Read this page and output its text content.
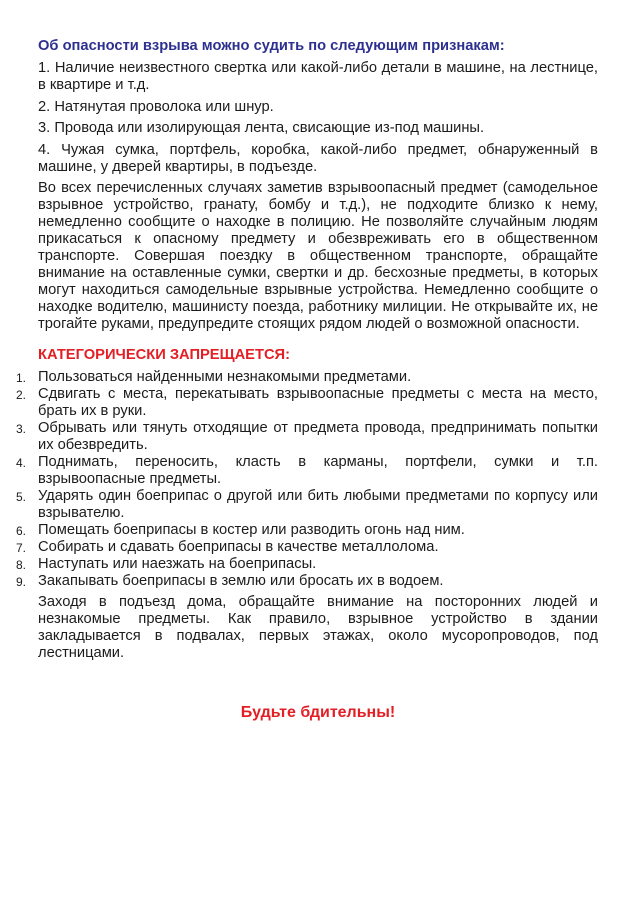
Об опасности взрыва можно судить по следующим признакам:

1. Наличие неизвестного свертка или какой-либо детали в машине, на лестнице, в квартире и т.д.

2. Натянутая проволока или шнур.

3. Провода или изолирующая лента, свисающие из-под машины.

4. Чужая сумка, портфель, коробка, какой-либо предмет, обнаруженный в машине, у дверей квартиры, в подъезде.

Во всех перечисленных случаях заметив взрывоопасный предмет (самодельное взрывное устройство, гранату, бомбу и т.д.), не подходите близко к нему, немедленно сообщите о находке в полицию. Не позволяйте случайным людям прикасаться к опасному предмету и обезвреживать его в общественном транспорте. Совершая поездку в общественном транспорте, обращайте внимание на оставленные сумки, свертки и др. бесхозные предметы, в которых могут находиться самодельные взрывные устройства. Немедленно сообщите о находке водителю, машинисту поезда, работнику милиции. Не открывайте их, не трогайте руками, предупредите стоящих рядом людей о возможной опасности.

КАТЕГОРИЧЕСКИ ЗАПРЕЩАЕТСЯ:
1. Пользоваться найденными незнакомыми предметами.
2. Сдвигать с места, перекатывать взрывоопасные предметы с места на место, брать их в руки.
3. Обрывать или тянуть отходящие от предмета провода, предпринимать попытки их обезвредить.
4. Поднимать, переносить, класть в карманы, портфели, сумки и т.п. взрывоопасные предметы.
5. Ударять один боеприпас о другой или бить любыми предметами по корпусу или взрывателю.
6. Помещать боеприпасы в костер или разводить огонь над ним.
7. Собирать и сдавать боеприпасы в качестве металлолома.
8. Наступать или наезжать на боеприпасы.
9. Закапывать боеприпасы в землю или бросать их в водоем.

Заходя в подъезд дома, обращайте внимание на посторонних людей и незнакомые предметы. Как правило, взрывное устройство в здании закладывается в подвалах, первых этажах, около мусоропроводов, под лестницами.

Будьте бдительны!
